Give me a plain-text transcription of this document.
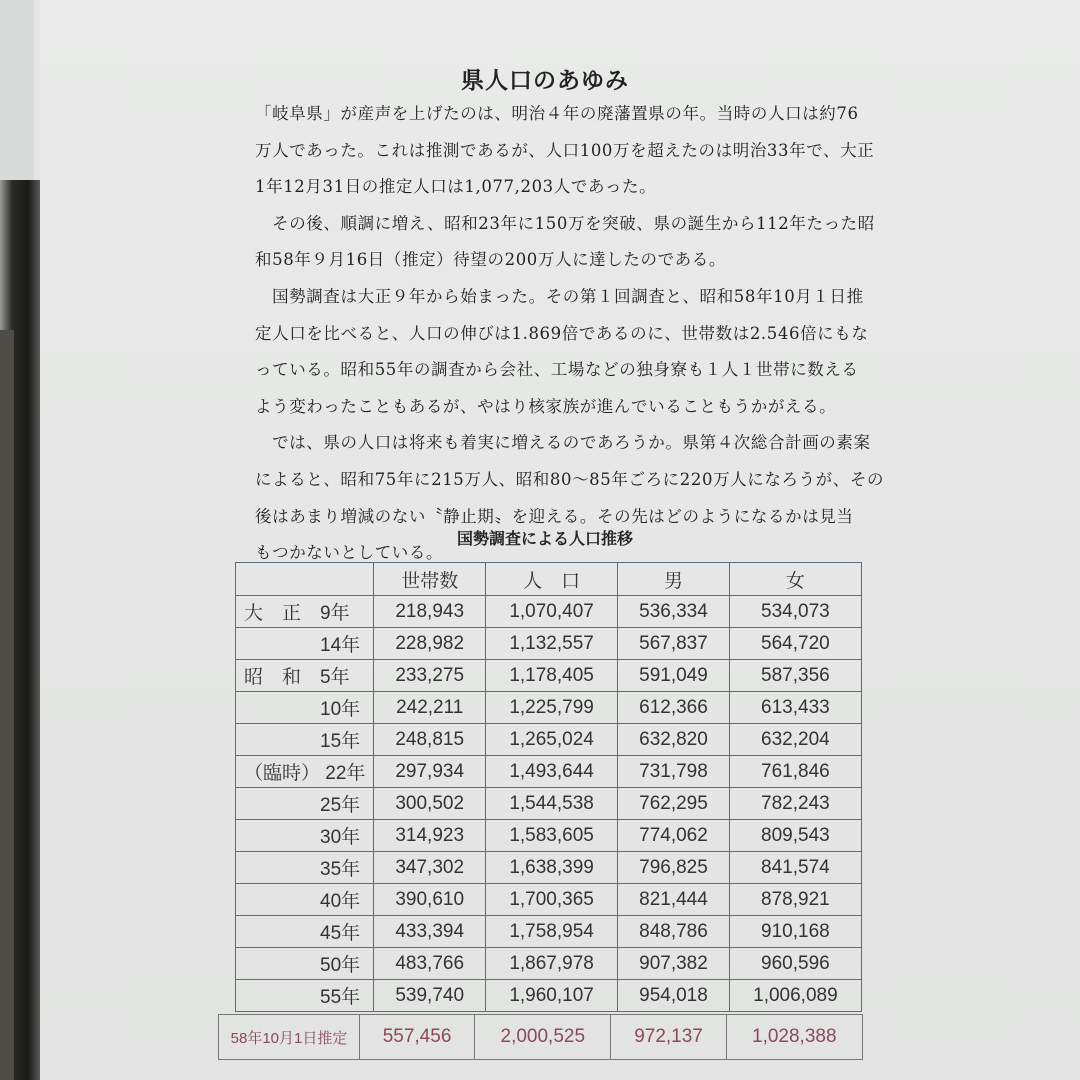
県人口のあゆみ
「岐阜県」が産声を上げたのは、明治４年の廃藩置県の年。当時の人口は約76
万人であった。これは推測であるが、人口100万を超えたのは明治33年で、大正
1年12月31日の推定人口は1,077,203人であった。
　その後、順調に増え、昭和23年に150万を突破、県の誕生から112年たった昭
和58年９月16日（推定）待望の200万人に達したのである。
　国勢調査は大正９年から始まった。その第１回調査と、昭和58年10月１日推
定人口を比べると、人口の伸びは1.869倍であるのに、世帯数は2.546倍にもな
っている。昭和55年の調査から会社、工場などの独身寮も１人１世帯に数える
よう変わったこともあるが、やはり核家族が進んでいることもうかがえる。
　では、県の人口は将来も着実に増えるのであろうか。県第４次総合計画の素案
によると、昭和75年に215万人、昭和80～85年ごろに220万人になろうが、その
後はあまり増減のない〝静止期〟を迎える。その先はどのようになるかは見当
もつかないとしている。
国勢調査による人口推移
	世帯数	人　口	男	女
大　正　9年	218,943	1,070,407	536,334	534,073
　　　　14年	228,982	1,132,557	567,837	564,720
昭　和　5年	233,275	1,178,405	591,049	587,356
　　　　10年	242,211	1,225,799	612,366	613,433
　　　　15年	248,815	1,265,024	632,820	632,204
（臨時） 22年	297,934	1,493,644	731,798	761,846
　　　　25年	300,502	1,544,538	762,295	782,243
　　　　30年	314,923	1,583,605	774,062	809,543
　　　　35年	347,302	1,638,399	796,825	841,574
　　　　40年	390,610	1,700,365	821,444	878,921
　　　　45年	433,394	1,758,954	848,786	910,168
　　　　50年	483,766	1,867,978	907,382	960,596
　　　　55年	539,740	1,960,107	954,018	1,006,089
58年10月1日推定	557,456	2,000,525	972,137	1,028,388
